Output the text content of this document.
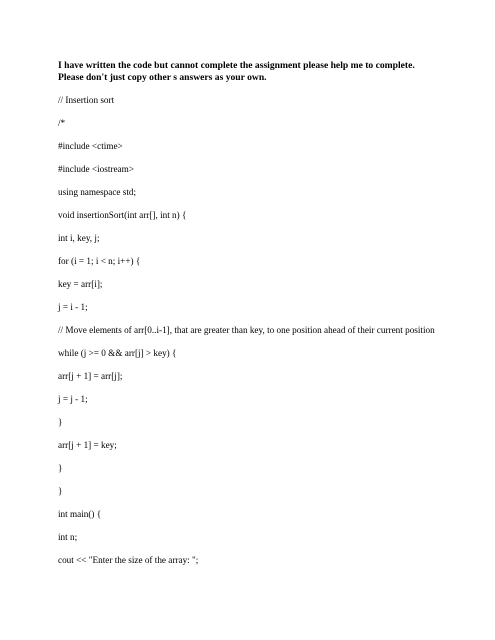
I have written the code but cannot complete the assignment please help me to complete.

Please don't just copy other s answers as your own.

// Insertion sort

/*

#include <ctime>

#include <iostream>

using namespace std;

void insertionSort(int arr[], int n) {

int i, key, j;

for (i = 1; i < n; i++) {

key = arr[i];

j = i - 1;

// Move elements of arr[0..i-1], that are greater than key, to one position ahead of their current position

while (j >= 0 && arr[j] > key) {

arr[j + 1] = arr[j];

j = j - 1;

}

arr[j + 1] = key;

}

}

int main() {

int n;

cout << "Enter the size of the array: ";
